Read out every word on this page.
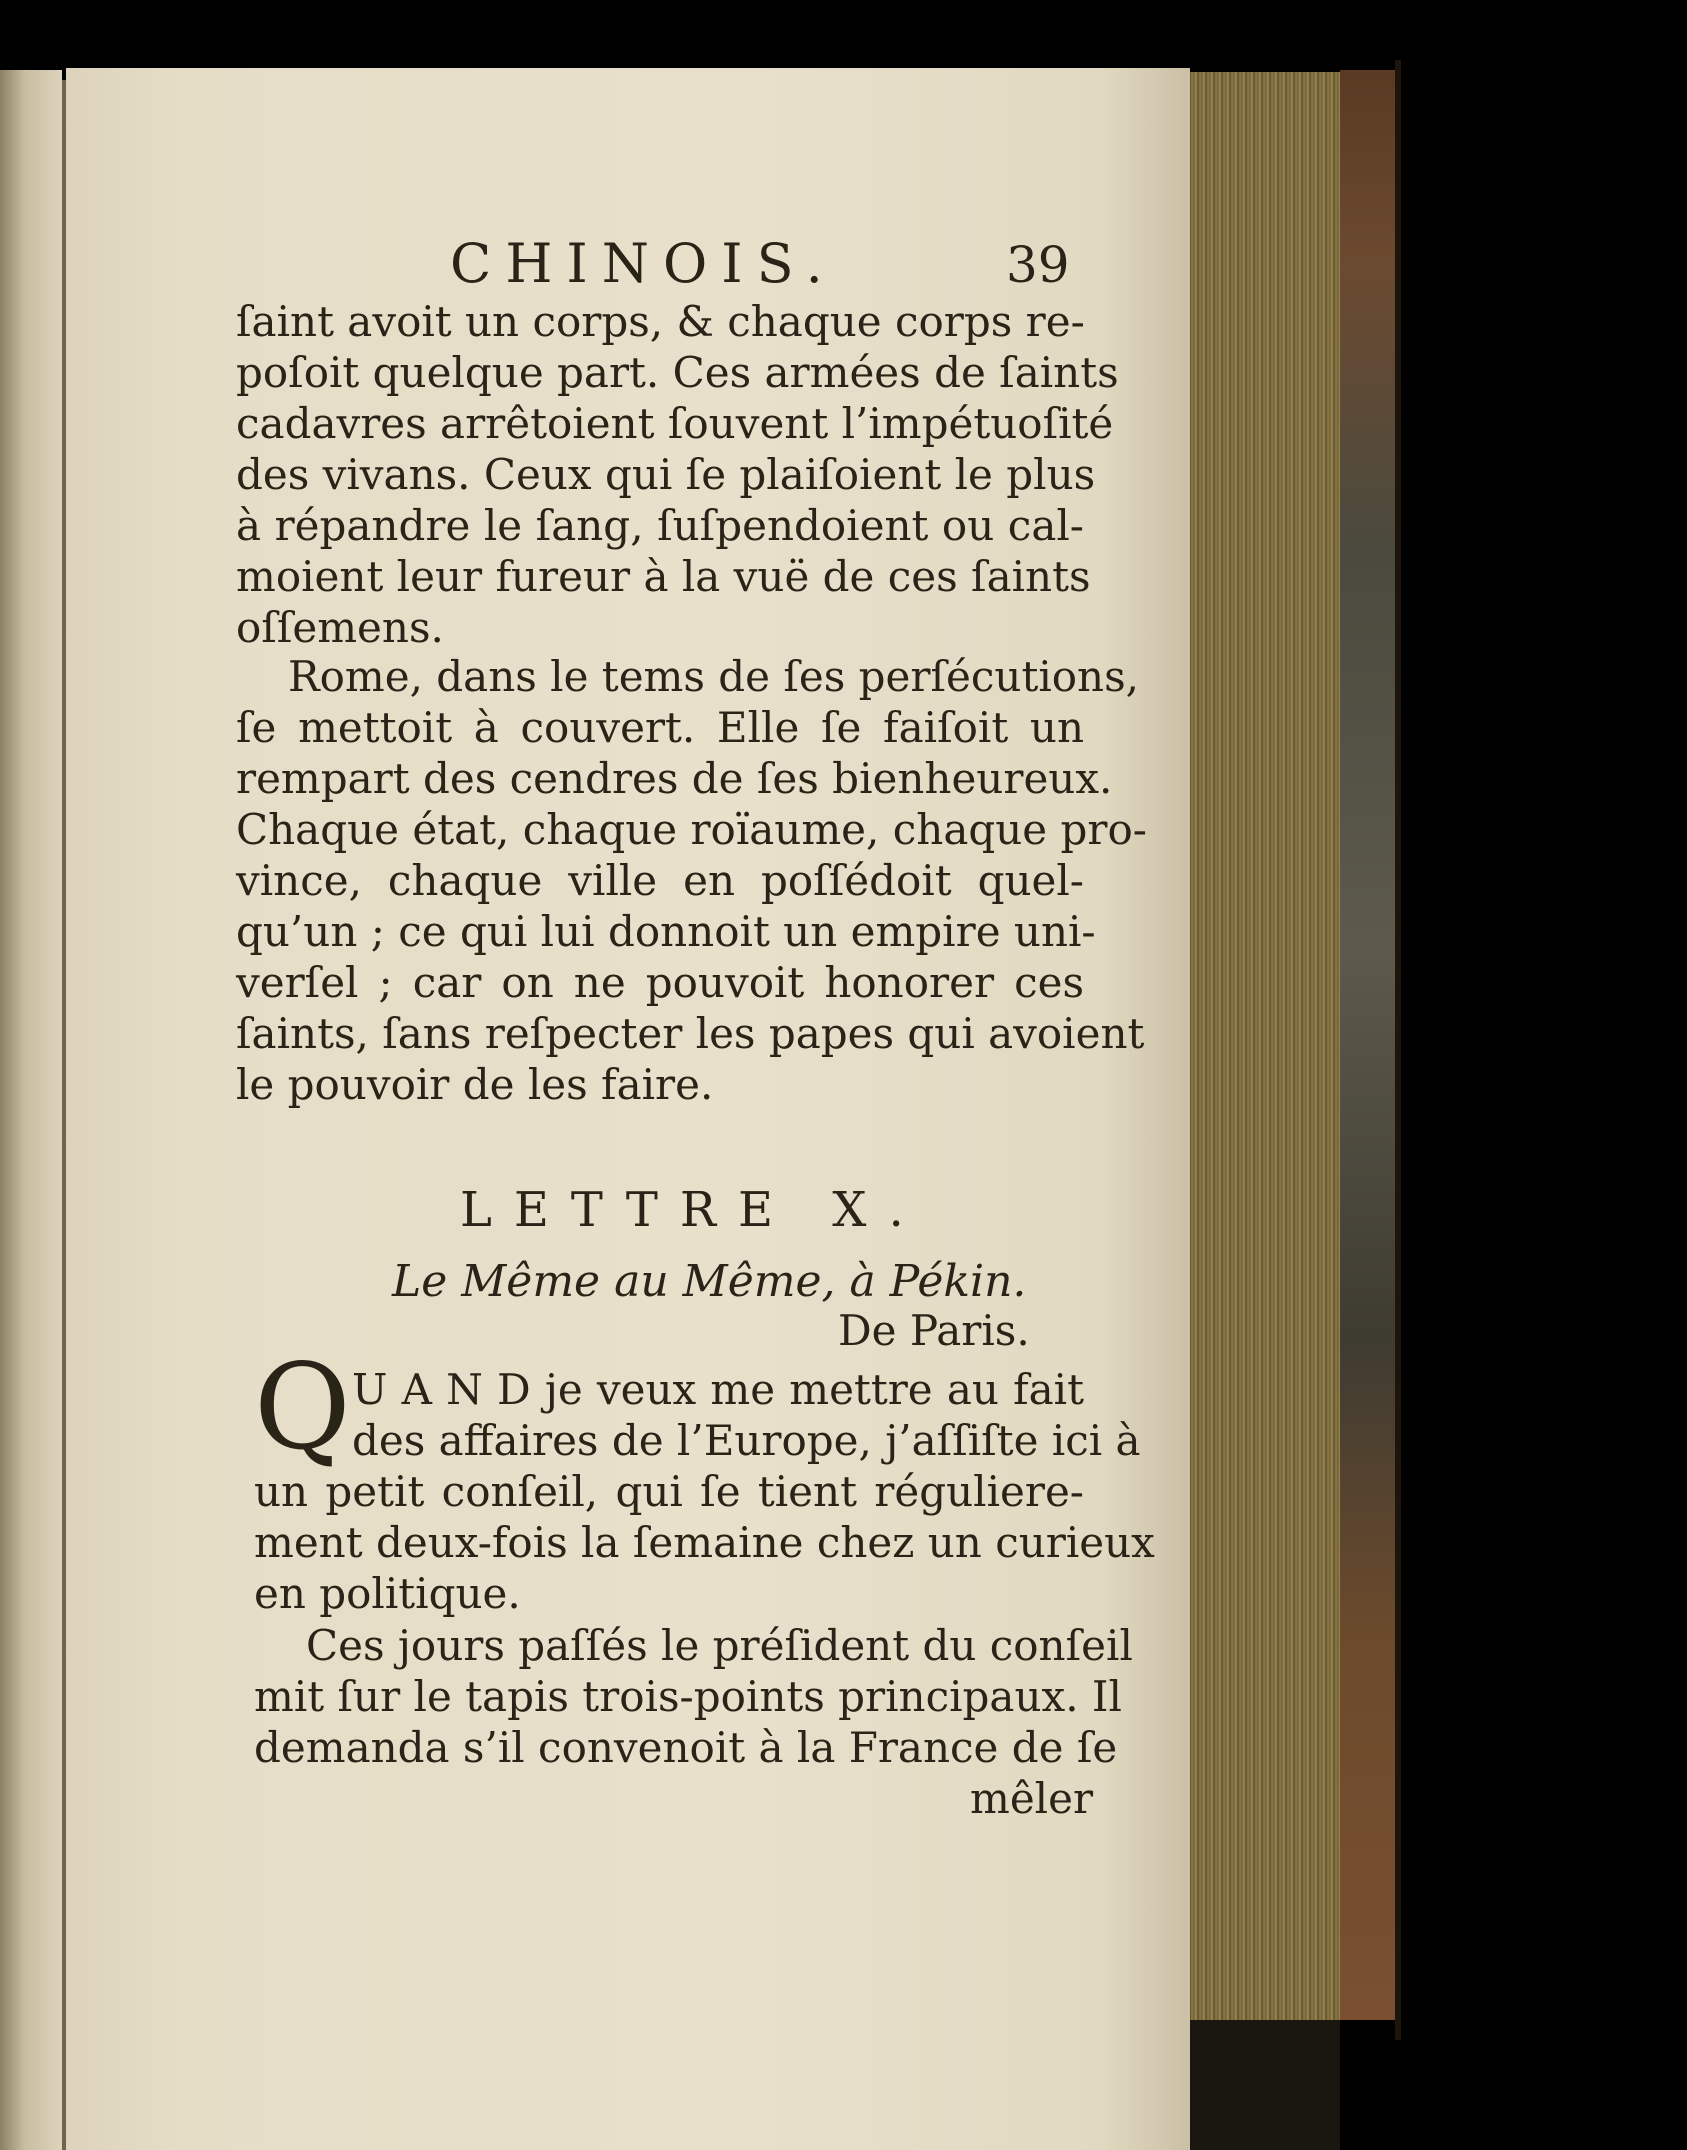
CHINOIS.	39
ſaint avoit un corps, & chaque corps re-
poſoit quelque part. Ces armées de ſaints
cadavres arrêtoient ſouvent l’impétuoſité
des vivans. Ceux qui ſe plaiſoient le plus
à répandre le ſang, ſuſpendoient ou cal-
moient leur fureur à la vuë de ces ſaints
oſſemens.
Rome, dans le tems de ſes perſécutions,
ſe mettoit à couvert. Elle ſe faiſoit un
rempart des cendres de ſes bienheureux.
Chaque état, chaque roïaume, chaque pro-
vince, chaque ville en poſſédoit quel-
qu’un ; ce qui lui donnoit un empire uni-
verſel ; car on ne pouvoit honorer ces
ſaints, ſans reſpecter les papes qui avoient
le pouvoir de les faire.
LETTRE X.
Le Même au Même, à Pékin.
De Paris.
Q U A N D je veux me mettre au fait
des affaires de l’Europe, j’aſſiſte ici à
un petit conſeil, qui ſe tient réguliere-
ment deux-fois la ſemaine chez un curieux
en politique.
Ces jours paſſés le préſident du conſeil
mit ſur le tapis trois-points principaux. Il
demanda s’il convenoit à la France de ſe
mêler
